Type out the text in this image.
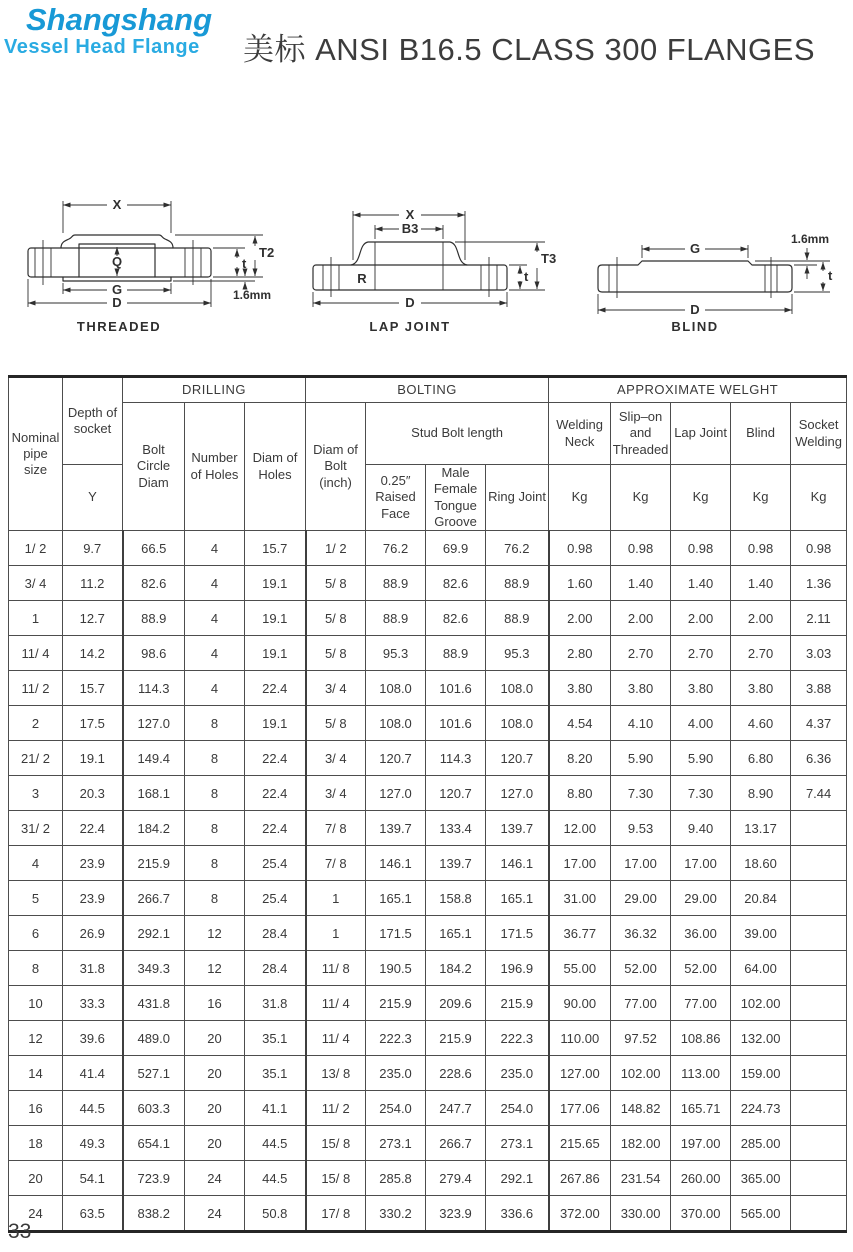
Shangshang
Vessel Head Flange 美标 ANSI B16.5 CLASS 300 FLANGES
X
Q
G
D
t
T2
1.6mm
THREADED
X
B3
R
D
t
T3
LAP JOINT
G
1.6mm
t
D
BLIND
Nominal pipe size	Depth of socket	DRILLING			BOLTING				APPROXIMATE WELGHT				
		Bolt Circle Diam	Number of Holes	Diam of Holes	Diam of Bolt (inch)	Stud Bolt length			Welding Neck	Slip–on and Threaded	Lap Joint	Blind	Socket Welding
	Y					0.25″ Raised Face	Male Female Tongue Groove	Ring Joint	Kg	Kg	Kg	Kg	Kg
1/ 2	9.7	66.5	4	15.7	1/ 2	76.2	69.9	76.2	0.98	0.98	0.98	0.98	0.98
3/ 4	11.2	82.6	4	19.1	5/ 8	88.9	82.6	88.9	1.60	1.40	1.40	1.40	1.36
1	12.7	88.9	4	19.1	5/ 8	88.9	82.6	88.9	2.00	2.00	2.00	2.00	2.11
11/ 4	14.2	98.6	4	19.1	5/ 8	95.3	88.9	95.3	2.80	2.70	2.70	2.70	3.03
11/ 2	15.7	114.3	4	22.4	3/ 4	108.0	101.6	108.0	3.80	3.80	3.80	3.80	3.88
2	17.5	127.0	8	19.1	5/ 8	108.0	101.6	108.0	4.54	4.10	4.00	4.60	4.37
21/ 2	19.1	149.4	8	22.4	3/ 4	120.7	114.3	120.7	8.20	5.90	5.90	6.80	6.36
3	20.3	168.1	8	22.4	3/ 4	127.0	120.7	127.0	8.80	7.30	7.30	8.90	7.44
31/ 2	22.4	184.2	8	22.4	7/ 8	139.7	133.4	139.7	12.00	9.53	9.40	13.17	
4	23.9	215.9	8	25.4	7/ 8	146.1	139.7	146.1	17.00	17.00	17.00	18.60	
5	23.9	266.7	8	25.4	1	165.1	158.8	165.1	31.00	29.00	29.00	20.84	
6	26.9	292.1	12	28.4	1	171.5	165.1	171.5	36.77	36.32	36.00	39.00	
8	31.8	349.3	12	28.4	11/ 8	190.5	184.2	196.9	55.00	52.00	52.00	64.00	
10	33.3	431.8	16	31.8	11/ 4	215.9	209.6	215.9	90.00	77.00	77.00	102.00	
12	39.6	489.0	20	35.1	11/ 4	222.3	215.9	222.3	110.00	97.52	108.86	132.00	
14	41.4	527.1	20	35.1	13/ 8	235.0	228.6	235.0	127.00	102.00	113.00	159.00	
16	44.5	603.3	20	41.1	11/ 2	254.0	247.7	254.0	177.06	148.82	165.71	224.73	
18	49.3	654.1	20	44.5	15/ 8	273.1	266.7	273.1	215.65	182.00	197.00	285.00	
20	54.1	723.9	24	44.5	15/ 8	285.8	279.4	292.1	267.86	231.54	260.00	365.00	
24	63.5	838.2	24	50.8	17/ 8	330.2	323.9	336.6	372.00	330.00	370.00	565.00	
33
